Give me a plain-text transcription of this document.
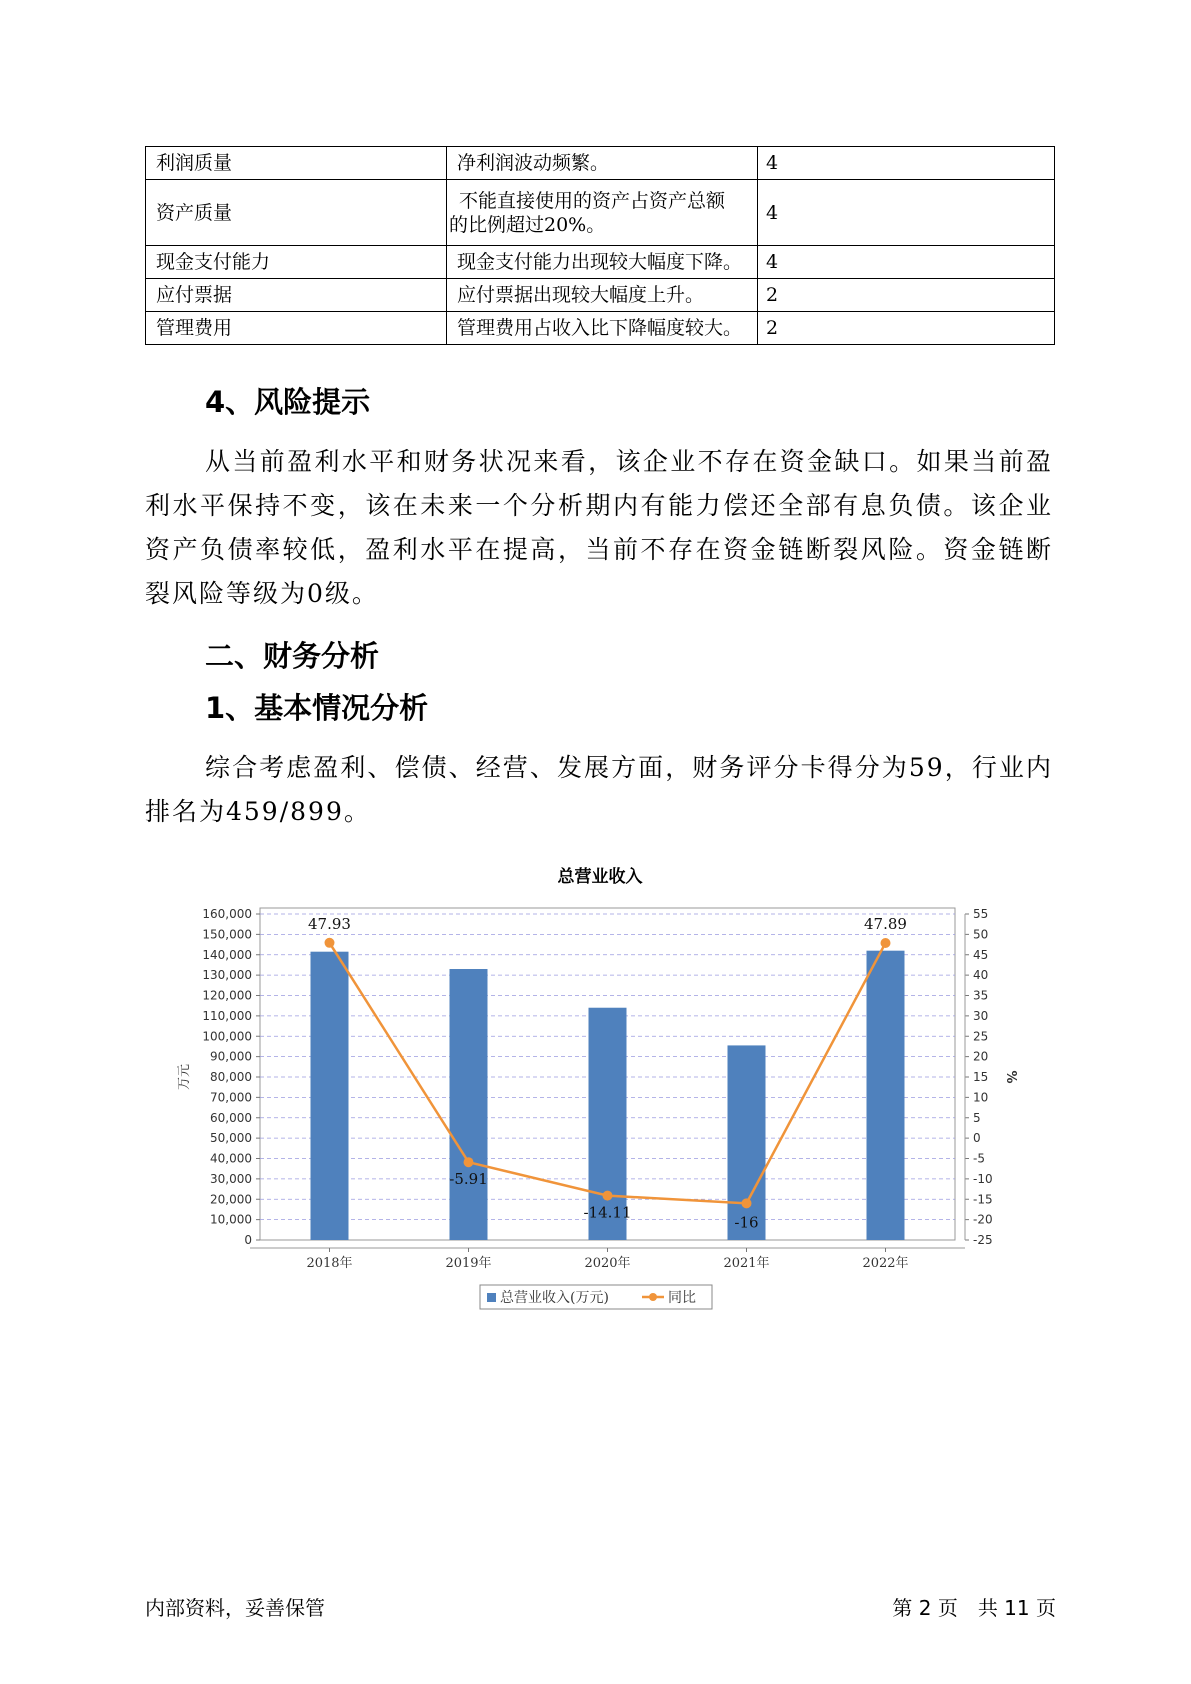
利润质量	净利润波动频繁。	4
资产质量	不能直接使用的资产占资产总额
的比例超过20%。	4
现金支付能力	现金支付能力出现较大幅度下降。	4
应付票据	应付票据出现较大幅度上升。	2
管理费用	管理费用占收入比下降幅度较大。	2
4、风险提示

从当前盈利水平和财务状况来看，该企业不存在资金缺口。如果当前盈利水平保持不变，该在未来一个分析期内有能力偿还全部有息负债。该企业资产负债率较低，盈利水平在提高，当前不存在资金链断裂风险。资金链断裂风险等级为0级。

二、财务分析
1、基本情况分析

综合考虑盈利、偿债、经营、发展方面，财务评分卡得分为59，行业内排名为459/899。

总营业收入
0
10,000
20,000
30,000
40,000
50,000
60,000
70,000
80,000
90,000
100,000
110,000
120,000
130,000
140,000
150,000
160,000
-25
-20
-15
-10
-5
0
5
10
15
20
25
30
35
40
45
50
55
万元	%
2018年	2019年	2020年	2021年	2022年
47.93
-5.91
-14.11
-16
47.89
总营业收入(万元)	同比
内部资料，妥善保管	第 2 页　共 11 页
